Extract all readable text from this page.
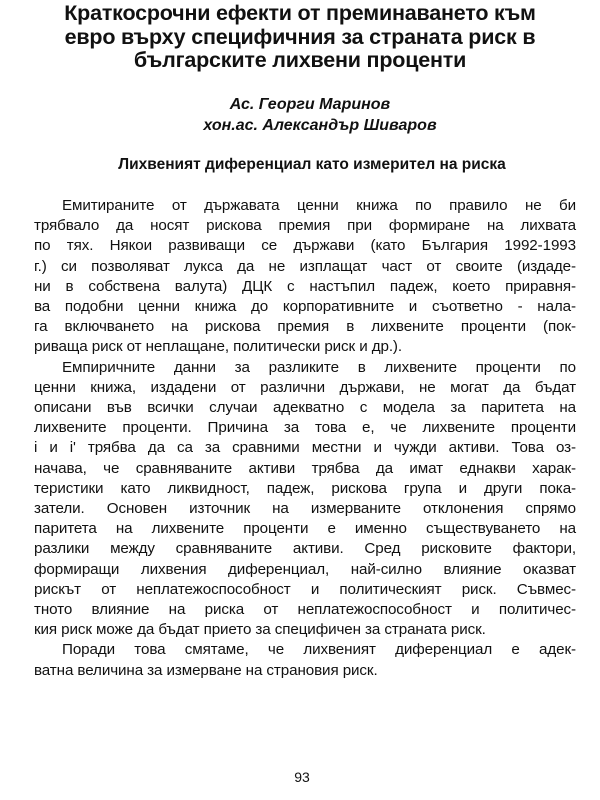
Краткосрочни ефекти от преминаването към
евро върху специфичния за страната риск в
българските лихвени проценти
Ас. Георги Маринов
хон.ас. Александър Шиваров
Лихвеният диференциал като измерител на риска

Емитираните от държавата ценни книжа по правило не би
трябвало да носят рискова премия при формиране на лихвата
по тях. Някои развиващи се държави (като България 1992-1993
г.) си позволяват лукса да не изплащат част от своите (издаде-
ни в собствена валута) ДЦК с настъпил падеж, което приравня-
ва подобни ценни книжа до корпоративните и съответно - нала-
га включването на рискова премия в лихвените проценти (пок-
риваща риск от неплащане, политически риск и др.).

Емпиричните данни за разликите в лихвените проценти по
ценни книжа, издадени от различни държави, не могат да бъдат
описани във всички случаи адекватно с модела за паритета на
лихвените проценти. Причина за това е, че лихвените проценти
i и i' трябва да са за сравними местни и чужди активи. Това оз-
начава, че сравняваните активи трябва да имат еднакви харак-
теристики като ликвидност, падеж, рискова група и други пока-
затели. Основен източник на измерваните отклонения спрямо
паритета на лихвените проценти е именно съществуването на
разлики между сравняваните активи. Сред рисковите фактори,
формиращи лихвения диференциал, най-силно влияние оказват
рискът от неплатежоспособност и политическият риск. Съвмес-
тното влияние на риска от неплатежоспособност и политичес-
кия риск може да бъдат прието за специфичен за страната риск.

Поради това смятаме, че лихвеният диференциал е адек-
ватна величина за измерване на страновия риск.

93
